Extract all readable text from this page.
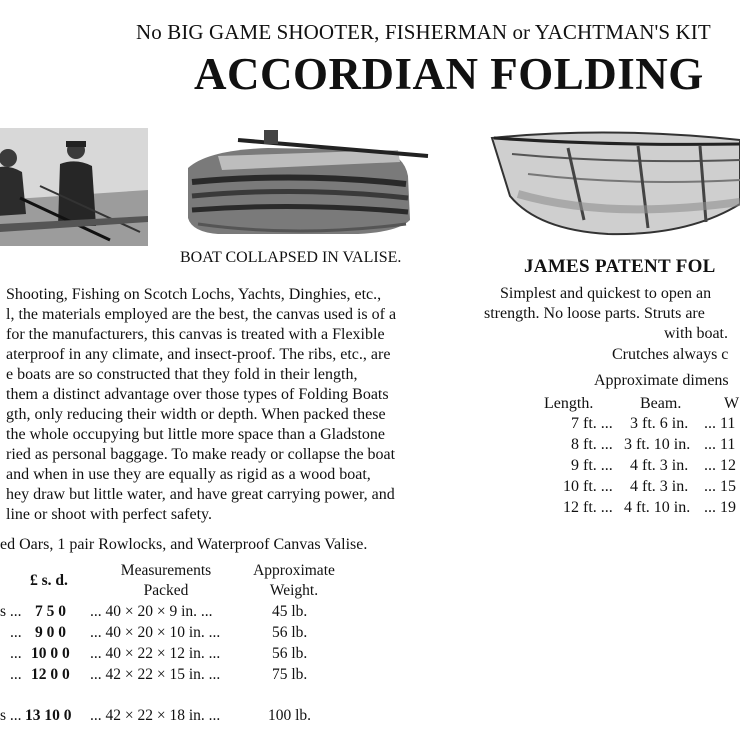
No BIG GAME SHOOTER, FISHERMAN or YACHTMAN'S KIT
ACCORDIAN FOLDING
BOAT COLLAPSED IN VALISE.
Shooting, Fishing on Scotch Lochs, Yachts, Dinghies, etc.,
l, the materials employed are the best, the canvas used is of a
for the manufacturers, this canvas is treated with a Flexible
aterproof in any climate, and insect-proof. The ribs, etc., are
e boats are so constructed that they fold in their length,
them a distinct advantage over those types of Folding Boats
gth, only reducing their width or depth. When packed these
the whole occupying but little more space than a Gladstone
ried as personal baggage. To make ready or collapse the boat
and when in use they are equally as rigid as a wood boat,
hey draw but little water, and have great carrying power, and
line or shoot with perfect safety.
ed Oars, 1 pair Rowlocks, and Waterproof Canvas Valise.
£ s. d.
Measurements
Packed
Approximate
Weight.
s ... 7 5 0 ... 40 × 20 × 9 in. ...	45 lb.
... 9 0 0 ... 40 × 20 × 10 in. ...	56 lb.
... 10 0 0 ... 40 × 22 × 12 in. ...	56 lb.
... 12 0 0 ... 42 × 22 × 15 in. ...	75 lb.
s ... 13 10 0 ... 42 × 22 × 18 in. ...	100 lb.
JAMES PATENT FOL
Simplest and quickest to open an
strength. No loose parts. Struts are
with boat.
Crutches always c
Approximate dimens
Length.	Beam.	W
7 ft. ... 3 ft. 6 in. ... 11
8 ft. ... 3 ft. 10 in. ... 11
9 ft. ... 4 ft. 3 in. ... 12
10 ft. ... 4 ft. 3 in. ... 15
12 ft. ... 4 ft. 10 in. ... 19
